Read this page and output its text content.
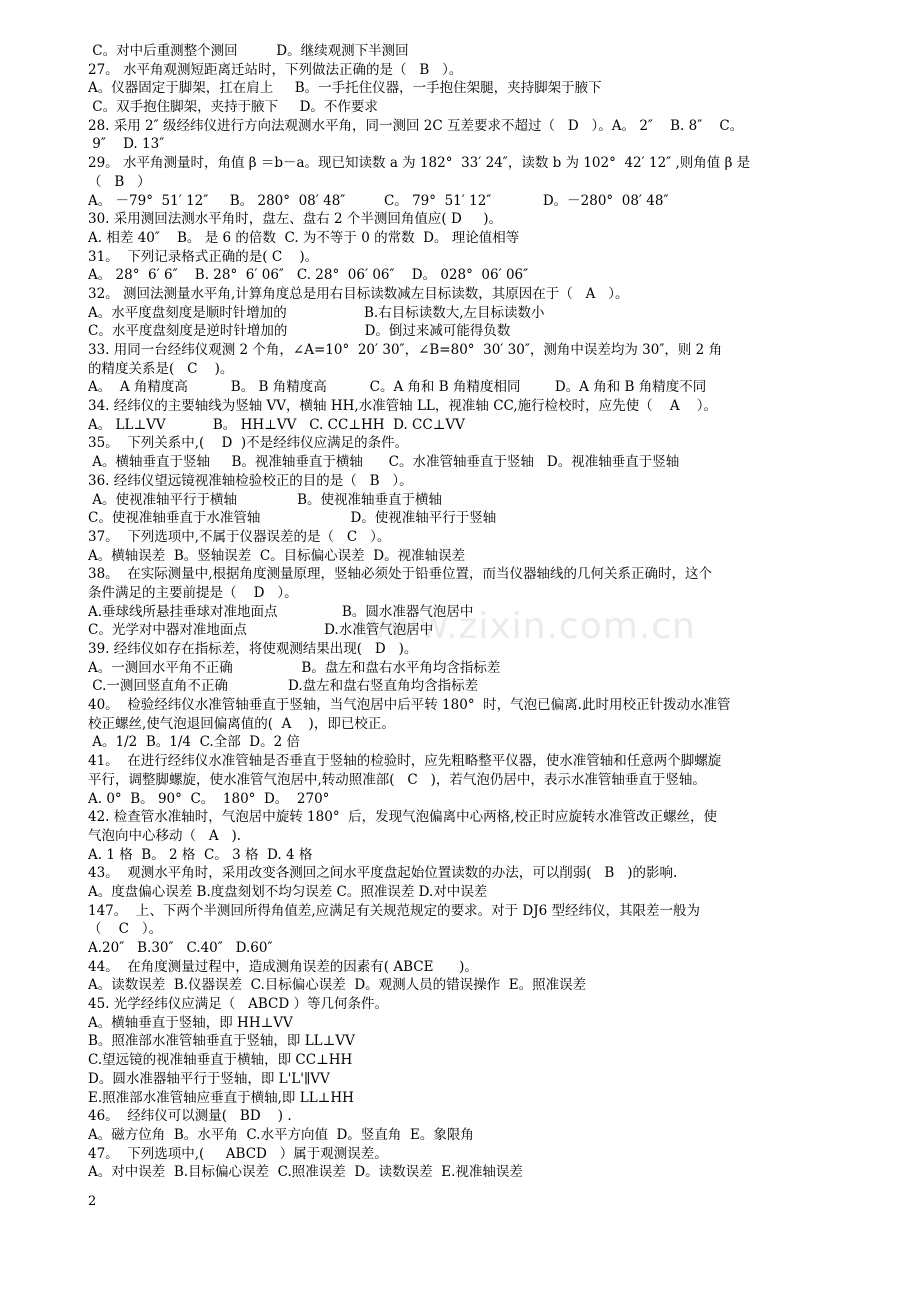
www.zixin.com.cn
C。对中后重测整个测回         D。继续观测下半测回
27。 水平角观测短距离迁站时，下列做法正确的是（   B   ）。
A。仪器固定于脚架，扛在肩上     B。一手托住仪器，一手抱住架腿，夹持脚架于腋下
C。双手抱住脚架，夹持于腋下     D。不作要求
28. 采用 2″ 级经纬仪进行方向法观测水平角，同一测回 2C 互差要求不超过（   D   ）。A。 2″    B. 8″    C。
9″    D. 13″
29。 水平角测量时，角值 β ＝b－a。现已知读数 a 为 182°  33′ 24″，读数 b 为 102°  42′ 12″ ,则角值 β 是
（   B   ）
A。 －79°  51′ 12″     B。 280°  08′ 48″         C。 79°  51′ 12″            D。－280°  08′ 48″
30. 采用测回法测水平角时，盘左、盘右 2 个半测回角值应( D     )。
A. 相差 40″    B。 是 6 的倍数  C. 为不等于 0 的常数  D。 理论值相等
31。  下列记录格式正确的是( C    )。
A。 28°  6′ 6″    B. 28°  6′ 06″   C. 28°  06′ 06″    D。 028°  06′ 06″
32。 测回法测量水平角,计算角度总是用右目标读数减左目标读数，其原因在于（   A   ）。
A。水平度盘刻度是顺时针增加的                  B.右目标读数大,左目标读数小
C。水平度盘刻度是逆时针增加的                  D。倒过来减可能得负数
33. 用同一台经纬仪观测 2 个角，∠A=10°  20′ 30″，∠B=80°  30′ 30″，测角中误差均为 30″，则 2 角
的精度关系是(   C    )。
A。  A 角精度高          B。 B 角精度高          C。A 角和 B 角精度相同        D。A 角和 B 角精度不同
34. 经纬仪的主要轴线为竖轴 VV，横轴 HH,水准管轴 LL，视准轴 CC,施行检校时，应先使（    A    ）。
A。 LL⊥VV           B。 HH⊥VV   C. CC⊥HH  D. CC⊥VV
35。  下列关系中,(    D  )不是经纬仪应满足的条件。
A。横轴垂直于竖轴     B。视准轴垂直于横轴      C。水准管轴垂直于竖轴   D。视准轴垂直于竖轴
36. 经纬仪望远镜视准轴检验校正的目的是（   B   ）。
A。使视准轴平行于横轴              B。使视准轴垂直于横轴
C。使视准轴垂直于水准管轴                     D。使视准轴平行于竖轴
37。  下列选项中,不属于仪器误差的是（   C   ）。
A。横轴误差  B。竖轴误差  C。目标偏心误差  D。视准轴误差
38。  在实际测量中,根据角度测量原理，竖轴必须处于铅垂位置，而当仪器轴线的几何关系正确时，这个
条件满足的主要前提是（    D   ）。
A.垂球线所悬挂垂球对准地面点               B。圆水准器气泡居中
C。光学对中器对准地面点                  D.水准管气泡居中
39. 经纬仪如存在指标差，将使观测结果出现(   D   )。
A。一测回水平角不正确                B。盘左和盘右水平角均含指标差
C.一测回竖直角不正确              D.盘左和盘右竖直角均含指标差
40。  检验经纬仪水准管轴垂直于竖轴，当气泡居中后平转 180°  时，气泡已偏离.此时用校正针拨动水准管
校正螺丝,使气泡退回偏离值的(  A    )，即已校正。
A。1/2  B。1/4  C.全部  D。2 倍
41。  在进行经纬仪水准管轴是否垂直于竖轴的检验时，应先粗略整平仪器，使水准管轴和任意两个脚螺旋
平行，调整脚螺旋，使水准管气泡居中,转动照准部(   C   )，若气泡仍居中，表示水准管轴垂直于竖轴。
A. 0°  B。 90°  C。  180°  D。  270°
42. 检查管水准轴时，气泡居中旋转 180°  后，发现气泡偏离中心两格,校正时应旋转水准管改正螺丝，使
气泡向中心移动（   A   ).
A. 1 格  B。 2 格  C。 3 格  D. 4 格
43。  观测水平角时，采用改变各测回之间水平度盘起始位置读数的办法，可以削弱(   B   )的影响.
A。度盘偏心误差 B.度盘刻划不均匀误差 C。照准误差 D.对中误差
147。  上、下两个半测回所得角值差,应满足有关规范规定的要求。对于 DJ6 型经纬仪，其限差一般为
（    C   ）。
A.20″   B.30″   C.40″   D.60″
44。  在角度测量过程中，造成测角误差的因素有( ABCE      )。
A。读数误差  B.仪器误差  C.目标偏心误差  D。观测人员的错误操作  E。照准误差
45. 光学经纬仪应满足（   ABCD ）等几何条件。
A。横轴垂直于竖轴，即 HH⊥VV
B。照准部水准管轴垂直于竖轴，即 LL⊥VV
C.望远镜的视准轴垂直于横轴，即 CC⊥HH
D。圆水准器轴平行于竖轴，即 L'L'∥VV
E.照准部水准管轴应垂直于横轴,即 LL⊥HH
46。  经纬仪可以测量(   BD    ) .
A。磁方位角  B。水平角  C.水平方向值  D。竖直角  E。象限角
47。  下列选项中,(     ABCD   ）属于观测误差。
A。对中误差  B.目标偏心误差  C.照准误差  D。读数误差  E.视准轴误差
2
